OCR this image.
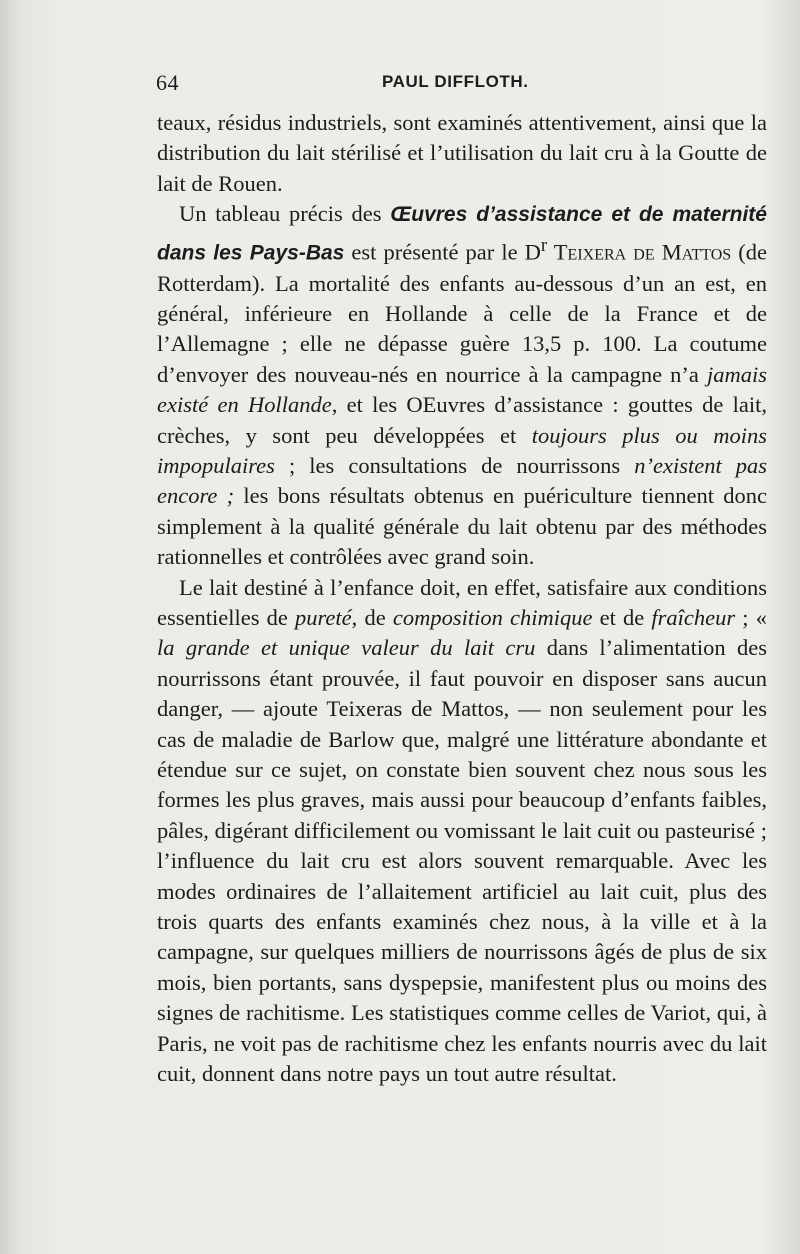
64	PAUL DIFFLOTH.

teaux, résidus industriels, sont examinés attentivement, ainsi que la distribution du lait stérilisé et l’utilisation du lait cru à la Goutte de lait de Rouen.

Un tableau précis des Œuvres d’assistance et de maternité dans les Pays-Bas est présenté par le $D^r$ Teixera de Mattos (de Rotterdam). La mortalité des enfants au-dessous d’un an est, en général, inférieure en Hollande à celle de la France et de l’Allemagne ; elle ne dépasse guère 13,5 p. 100. La coutume d’envoyer des nouveau-nés en nourrice à la campagne n’a jamais existé en Hollande, et les OEuvres d’assistance : gouttes de lait, crèches, y sont peu développées et toujours plus ou moins impopulaires ; les consultations de nourrissons n’existent pas encore ; les bons résultats obtenus en puériculture tiennent donc simplement à la qualité générale du lait obtenu par des méthodes rationnelles et contrôlées avec grand soin.

Le lait destiné à l’enfance doit, en effet, satisfaire aux conditions essentielles de pureté, de composition chimique et de fraîcheur ; « la grande et unique valeur du lait cru dans l’alimentation des nourrissons étant prouvée, il faut pouvoir en disposer sans aucun danger, — ajoute Teixeras de Mattos, — non seulement pour les cas de maladie de Barlow que, malgré une littérature abondante et étendue sur ce sujet, on constate bien souvent chez nous sous les formes les plus graves, mais aussi pour beaucoup d’enfants faibles, pâles, digérant difficilement ou vomissant le lait cuit ou pasteurisé ; l’influence du lait cru est alors souvent remarquable. Avec les modes ordinaires de l’allaitement artificiel au lait cuit, plus des trois quarts des enfants examinés chez nous, à la ville et à la campagne, sur quelques milliers de nourrissons âgés de plus de six mois, bien portants, sans dyspepsie, manifestent plus ou moins des signes de rachitisme. Les statistiques comme celles de Variot, qui, à Paris, ne voit pas de rachitisme chez les enfants nourris avec du lait cuit, donnent dans notre pays un tout autre résultat.
